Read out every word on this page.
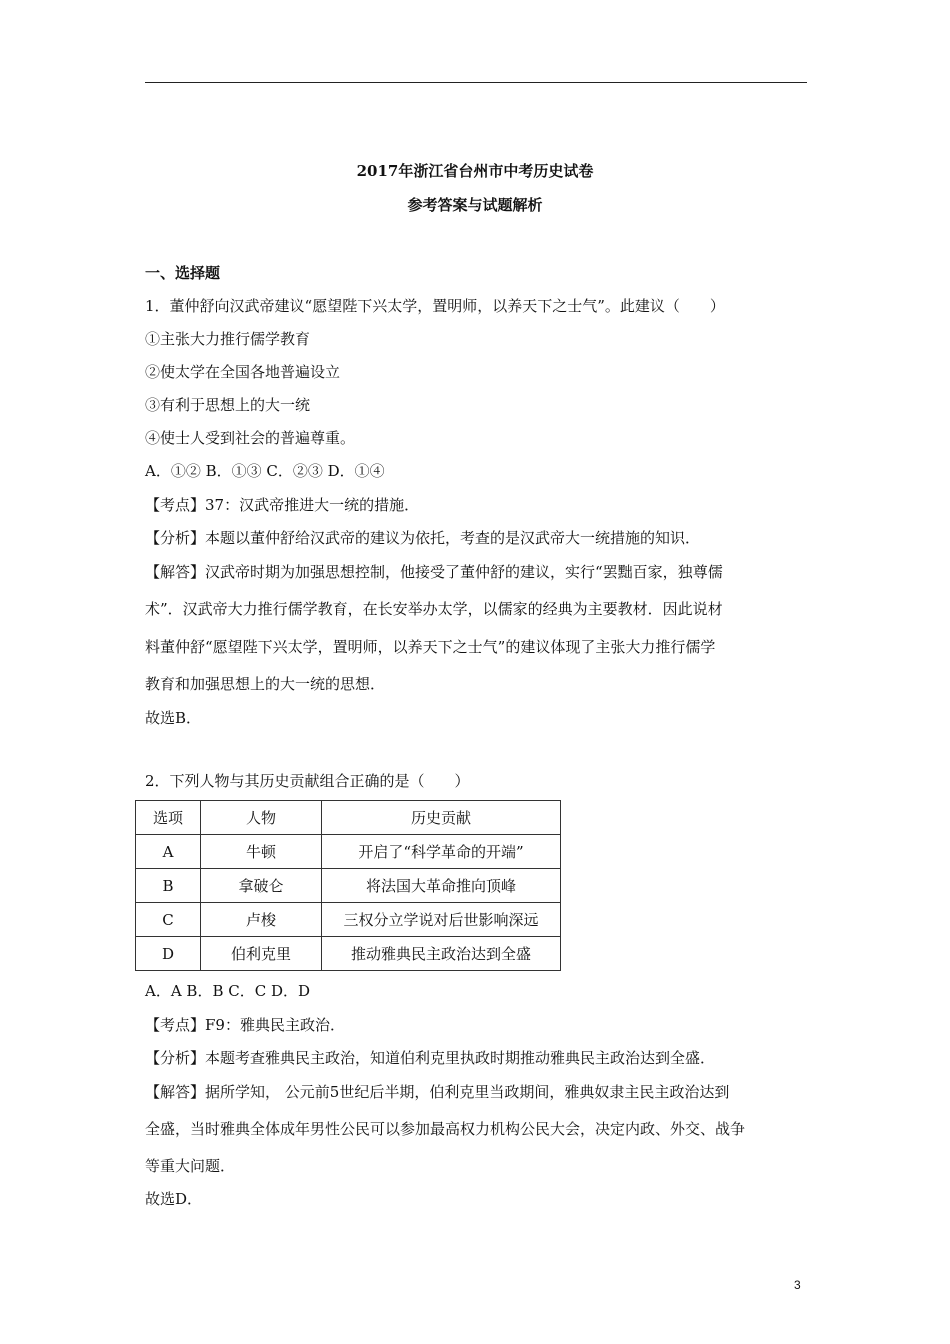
2017年浙江省台州市中考历史试卷
参考答案与试题解析
一、选择题
1．董仲舒向汉武帝建议“愿望陛下兴太学，置明师，以养天下之士气”。此建议（　　）
①主张大力推行儒学教育
②使太学在全国各地普遍设立
③有利于思想上的大一统
④使士人受到社会的普遍尊重。
A．①② B．①③ C．②③ D．①④
【考点】37：汉武帝推进大一统的措施．
【分析】本题以董仲舒给汉武帝的建议为依托，考查的是汉武帝大一统措施的知识．
【解答】汉武帝时期为加强思想控制，他接受了董仲舒的建议，实行“罢黜百家，独尊儒
术”．汉武帝大力推行儒学教育，在长安举办太学，以儒家的经典为主要教材．因此说材
料董仲舒“愿望陛下兴太学，置明师，以养天下之士气”的建议体现了主张大力推行儒学
教育和加强思想上的大一统的思想．
故选B．
2．下列人物与其历史贡献组合正确的是（　　）
选项	人物	历史贡献
A	牛顿	开启了“科学革命的开端”
B	拿破仑	将法国大革命推向顶峰
C	卢梭	三权分立学说对后世影响深远
D	伯利克里	推动雅典民主政治达到全盛
A．A B．B C．C D．D
【考点】F9：雅典民主政治．
【分析】本题考查雅典民主政治，知道伯利克里执政时期推动雅典民主政治达到全盛．
【解答】据所学知， 公元前5世纪后半期，伯利克里当政期间，雅典奴隶主民主政治达到
全盛，当时雅典全体成年男性公民可以参加最高权力机构公民大会，决定内政、外交、战争
等重大问题．
故选D．
3
